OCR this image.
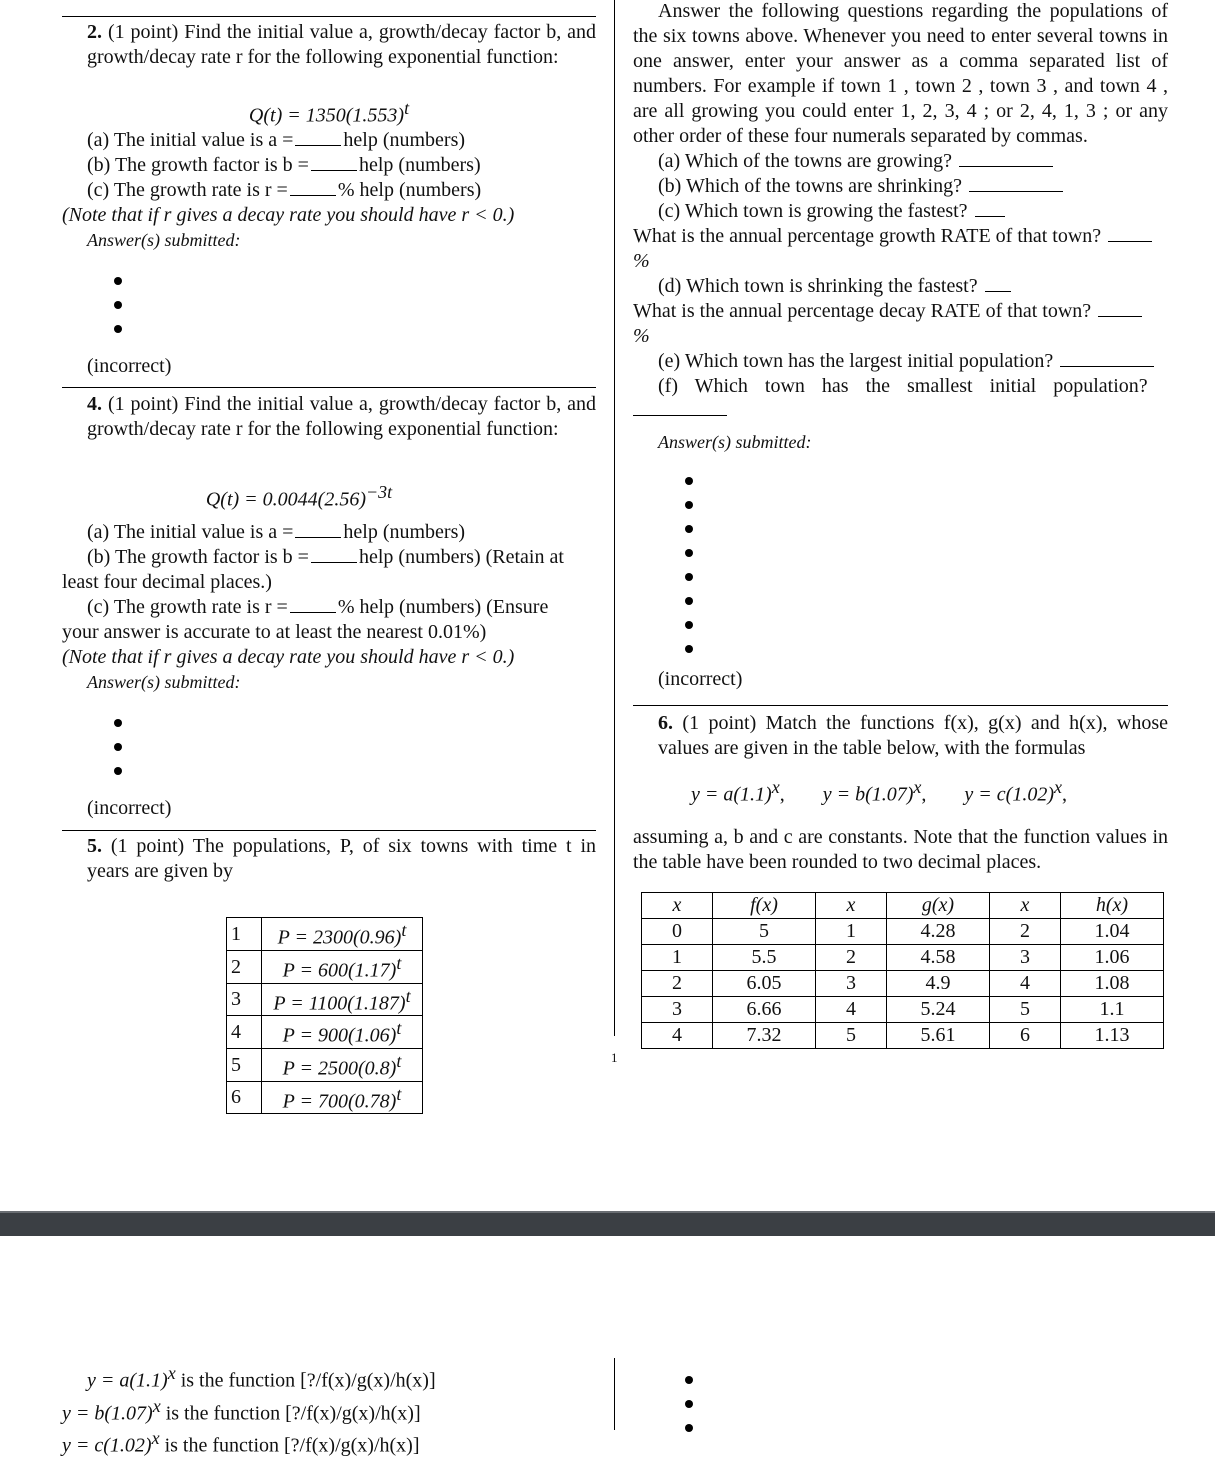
1

2. (1 point) Find the initial value a, growth/decay factor b, and growth/decay rate r for the following exponential function:

$Q(t) = 1350(1.553)^t$

(a) The initial value is a =	help (numbers)

(b) The growth factor is b =	help (numbers)

(c) The growth rate is r =	% help (numbers)

(Note that if r gives a decay rate you should have r < 0.)

Answer(s) submitted:

(incorrect)

4. (1 point) Find the initial value a, growth/decay factor b, and growth/decay rate r for the following exponential function:

$Q(t) = 0.0044(2.56)^{-3t}$

(a) The initial value is a =	help (numbers)

(b) The growth factor is b =	help (numbers) (Retain at

least four decimal places.)

(c) The growth rate is r =	% help (numbers) (Ensure

your answer is accurate to at least the nearest 0.01%)

(Note that if r gives a decay rate you should have r < 0.)

Answer(s) submitted:

(incorrect)

5. (1 point) The populations, P, of six towns with time t in years are given by

1	$P = 2300(0.96)^t$
2	$P = 600(1.17)^t$
3	$P = 1100(1.187)^t$
4	$P = 900(1.06)^t$
5	$P = 2500(0.8)^t$
6	$P = 700(0.78)^t$

Answer the following questions regarding the populations of the six towns above. Whenever you need to enter several towns in one answer, enter your answer as a comma separated list of numbers. For example if town 1 , town 2 , town 3 , and town 4 , are all growing you could enter 1, 2, 3, 4 ; or 2, 4, 1, 3 ; or any other order of these four numerals separated by commas.

(a) Which of the towns are growing?

(b) Which of the towns are shrinking?

(c) Which town is growing the fastest?

What is the annual percentage growth RATE of that town?

%

(d) Which town is shrinking the fastest?

What is the annual percentage decay RATE of that town?

%

(e) Which town has the largest initial population?

(f) Which town has the smallest initial population?

Answer(s) submitted:

(incorrect)

6. (1 point) Match the functions f(x), g(x) and h(x), whose values are given in the table below, with the formulas

$y = a(1.1)^x$,  $y = b(1.07)^x$,  $y = c(1.02)^x$,

assuming a, b and c are constants. Note that the function values in the table have been rounded to two decimal places.

x	f(x)	x	g(x)	x	h(x)
0	5	1	4.28	2	1.04
1	5.5	2	4.58	3	1.06
2	6.05	3	4.9	4	1.08
3	6.66	4	5.24	5	1.1
4	7.32	5	5.61	6	1.13

$y = a(1.1)^x$ is the function [?/f(x)/g(x)/h(x)]

$y = b(1.07)^x$ is the function [?/f(x)/g(x)/h(x)]

$y = c(1.02)^x$ is the function [?/f(x)/g(x)/h(x)]
